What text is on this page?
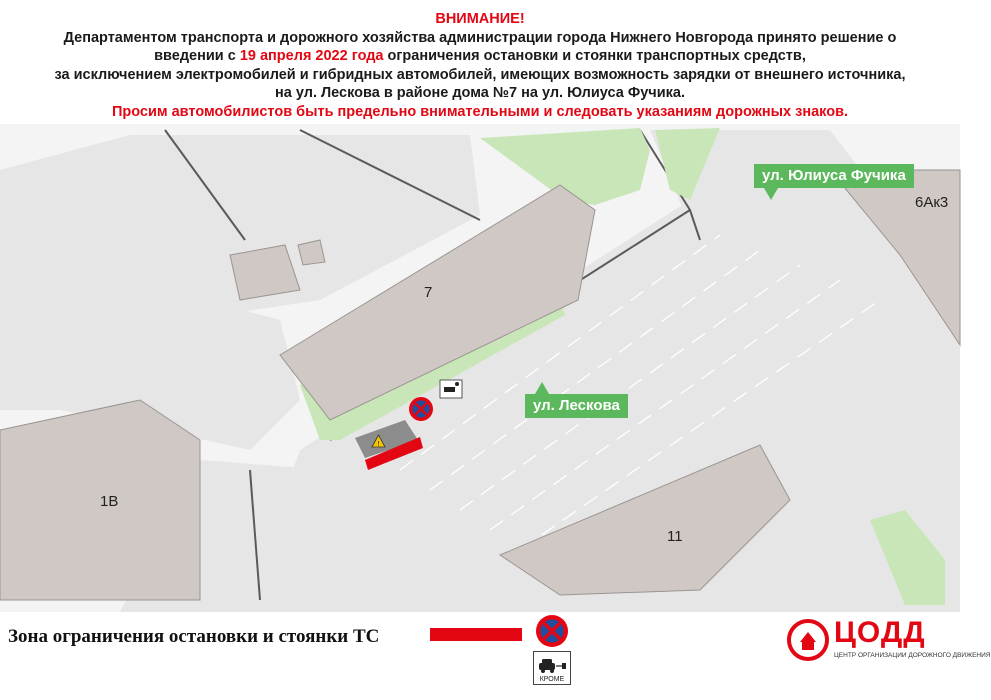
ВНИМАНИЕ!
Департаментом транспорта и дорожного хозяйства администрации города Нижнего Новгорода принято решение о
введении с 19 апреля 2022 года ограничения остановки и стоянки транспортных средств,
за исключением электромобилей и гибридных автомобилей, имеющих возможность зарядки от внешнего источника,
на ул. Лескова в районе дома №7 на ул. Юлиуса Фучика.
Просим автомобилистов быть предельно внимательными и следовать указаниям дорожных знаков.
!
7
6Ак3
1В
11
ул. Юлиуса Фучика
ул. Лескова
Зона ограничения остановки и стоянки ТС
КРОМЕ
ЦОДД
ЦЕНТР ОРГАНИЗАЦИИ ДОРОЖНОГО ДВИЖЕНИЯ
